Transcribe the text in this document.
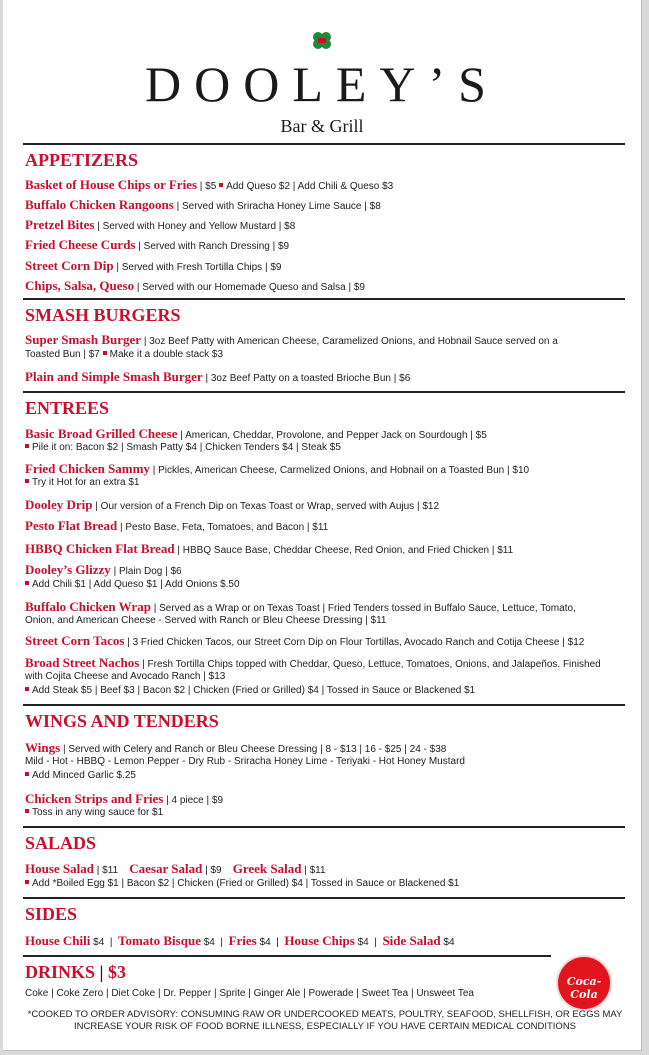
DOOLEY’S
Bar & Grill
APPETIZERS
Basket of House Chips or Fries | $5 Add Queso $2 | Add Chili & Queso $3
Buffalo Chicken Rangoons | Served with Sriracha Honey Lime Sauce | $8
Pretzel Bites | Served with Honey and Yellow Mustard | $8
Fried Cheese Curds | Served with Ranch Dressing | $9
Street Corn Dip | Served with Fresh Tortilla Chips | $9
Chips, Salsa, Queso | Served with our Homemade Queso and Salsa | $9
SMASH BURGERS
Super Smash Burger | 3oz Beef Patty with American Cheese, Caramelized Onions, and Hobnail Sauce served on a
Toasted Bun | $7 Make it a double stack $3
Plain and Simple Smash Burger | 3oz Beef Patty on a toasted Brioche Bun | $6
ENTREES
Basic Broad Grilled Cheese | American, Cheddar, Provolone, and Pepper Jack on Sourdough | $5
Pile it on: Bacon $2 | Smash Patty $4 | Chicken Tenders $4 | Steak $5
Fried Chicken Sammy | Pickles, American Cheese, Carmelized Onions, and Hobnail on a Toasted Bun | $10
Try it Hot for an extra $1
Dooley Drip | Our version of a French Dip on Texas Toast or Wrap, served with Aujus | $12
Pesto Flat Bread | Pesto Base, Feta, Tomatoes, and Bacon | $11
HBBQ Chicken Flat Bread | HBBQ Sauce Base, Cheddar Cheese, Red Onion, and Fried Chicken | $11
Dooley’s Glizzy | Plain Dog | $6
Add Chili $1 | Add Queso $1 | Add Onions $.50
Buffalo Chicken Wrap | Served as a Wrap or on Texas Toast | Fried Tenders tossed in Buffalo Sauce, Lettuce, Tomato,
Onion, and American Cheese - Served with Ranch or Bleu Cheese Dressing | $11
Street Corn Tacos | 3 Fried Chicken Tacos, our Street Corn Dip on Flour Tortillas, Avocado Ranch and Cotija Cheese | $12
Broad Street Nachos | Fresh Tortilla Chips topped with Cheddar, Queso, Lettuce, Tomatoes, Onions, and Jalapeños. Finished
with Cojita Cheese and Avocado Ranch | $13
Add Steak $5 | Beef $3 | Bacon $2 | Chicken (Fried or Grilled) $4 | Tossed in Sauce or Blackened $1
WINGS AND TENDERS
Wings | Served with Celery and Ranch or Bleu Cheese Dressing | 8 - $13 | 16 - $25 | 24 - $38
Mild - Hot - HBBQ - Lemon Pepper - Dry Rub - Sriracha Honey Lime - Teriyaki - Hot Honey Mustard
Add Minced Garlic $.25
Chicken Strips and Fries | 4 piece | $9
Toss in any wing sauce for $1
SALADS
House Salad | $11 Caesar Salad | $9 Greek Salad | $11
Add *Boiled Egg $1 | Bacon $2 | Chicken (Fried or Grilled) $4 | Tossed in Sauce or Blackened $1
SIDES
House Chili $4  |  Tomato Bisque $4  |  Fries $4  |  House Chips $4  |  Side Salad $4
DRINKS | $3
Coke | Coke Zero | Diet Coke | Dr. Pepper | Sprite | Ginger Ale | Powerade | Sweet Tea | Unsweet Tea
Coca-Cola
*COOKED TO ORDER ADVISORY: CONSUMING RAW OR UNDERCOOKED MEATS, POULTRY, SEAFOOD, SHELLFISH, OR EGGS MAY
INCREASE YOUR RISK OF FOOD BORNE ILLNESS, ESPECIALLY IF YOU HAVE CERTAIN MEDICAL CONDITIONS
